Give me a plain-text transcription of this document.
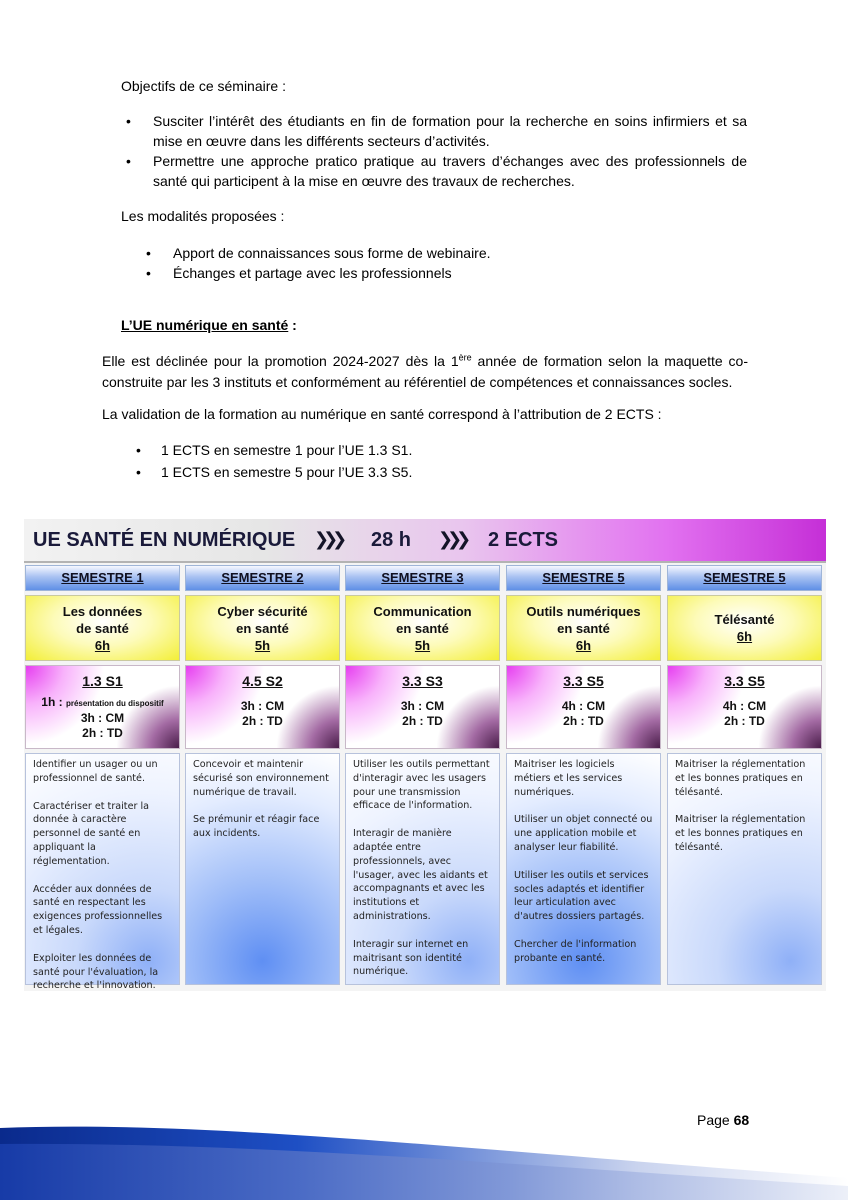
Objectifs de ce séminaire :
• Susciter l’intérêt des étudiants en fin de formation pour la recherche en soins infirmiers et sa mise en œuvre dans les différents secteurs d’activités.
• Permettre une approche pratico pratique au travers d’échanges avec des professionnels de santé qui participent à la mise en œuvre des travaux de recherches.
Les modalités proposées :
• Apport de connaissances sous forme de webinaire.
• Échanges et partage avec les professionnels
L’UE numérique en santé :
Elle est déclinée pour la promotion 2024-2027 dès la 1ère année de formation selon la maquette co-construite par les 3 instituts et conformément au référentiel de compétences et connaissances socles.
La validation de la formation au numérique en santé correspond à l’attribution de 2 ECTS :
• 1 ECTS en semestre 1 pour l’UE 1.3 S1.
• 1 ECTS en semestre 5 pour l’UE 3.3 S5.
UE SANTÉ EN NUMÉRIQUE ❯❯❯ 28 h ❯❯❯ 2 ECTS
SEMESTRE 1
Les données
de santé
6h
1.3 S1
1h : présentation du dispositif
3h : CM
2h : TD

Identifier un usager ou un professionnel de santé.

Caractériser et traiter la donnée à caractère personnel de santé en appliquant la réglementation.

Accéder aux données de santé en respectant les exigences professionnelles et légales.

Exploiter les données de santé pour l'évaluation, la recherche et l'innovation.

SEMESTRE 2
Cyber sécurité
en santé
5h
4.5 S2
3h : CM
2h : TD

Concevoir et maintenir sécurisé son environnement numérique de travail.

Se prémunir et réagir face aux incidents.

SEMESTRE 3
Communication
en santé
5h
3.3 S3
3h : CM
2h : TD

Utiliser les outils permettant d'interagir avec les usagers pour une transmission efficace de l'information.

Interagir de manière adaptée entre professionnels, avec l'usager, avec les aidants et accompagnants et avec les institutions et administrations.

Interagir sur internet en maitrisant son identité numérique.

SEMESTRE 5
Outils numériques
en santé
6h
3.3 S5
4h : CM
2h : TD

Maitriser les logiciels métiers et les services numériques.

Utiliser un objet connecté ou une application mobile et analyser leur fiabilité.

Utiliser les outils et services socles adaptés et identifier leur articulation avec d'autres dossiers partagés.

Chercher de l'information probante en santé.

SEMESTRE 5
Télésanté
6h
3.3 S5
4h : CM
2h : TD

Maitriser la réglementation et les bonnes pratiques en télésanté.

Maitriser la réglementation et les bonnes pratiques en télésanté.

Page 68
